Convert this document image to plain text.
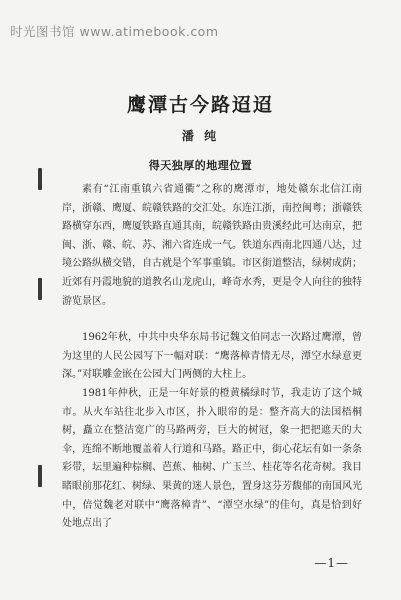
时光图书馆 www.atimebook.com
鹰潭古今路迢迢
潘 纯
得天独厚的地理位置

素有“江南重镇六省通衢”之称的鹰潭市，地处赣东北信江南岸，浙赣、鹰厦、皖赣铁路的交汇处。东连江浙，南控闽粤；浙赣铁路横穿东西，鹰厦铁路直通其南，皖赣铁路由贵溪经此可达南京，把闽、浙、赣、皖、苏、湘六省连成一气。铁道东西南北四通八达，过境公路纵横交错，自古就是个军事重镇。市区街道整洁，绿树成荫；近郊有丹霞地貌的道教名山龙虎山，峰奇水秀，更是令人向往的独特游览景区。

1962年秋，中共中央华东局书记魏文伯同志一次路过鹰潭，曾为这里的人民公园写下一幅对联：“鹰落樟青情无尽，潭空水绿意更深。”对联雕金嵌在公园大门两侧的大柱上。

1981年仲秋，正是一年好景的橙黄橘绿时节，我走访了这个城市。从火车站往北步入市区，扑入眼帘的是：整齐高大的法国梧桐树，矗立在整洁宽广的马路两旁，巨大的树冠，象一把把遮天的大伞，连绵不断地覆盖着人行道和马路。路正中，街心花坛有如一条条彩带，坛里遍种棕榈、芭蕉、柚树、广玉兰、桂花等名花奇树。我目睹眼前那花红、树绿、果黄的迷人景色，置身这芬芳馥郁的南国风光中，倍觉魏老对联中“鹰落樟青”、“潭空水绿”的佳句，真是恰到好处地点出了

—1—
